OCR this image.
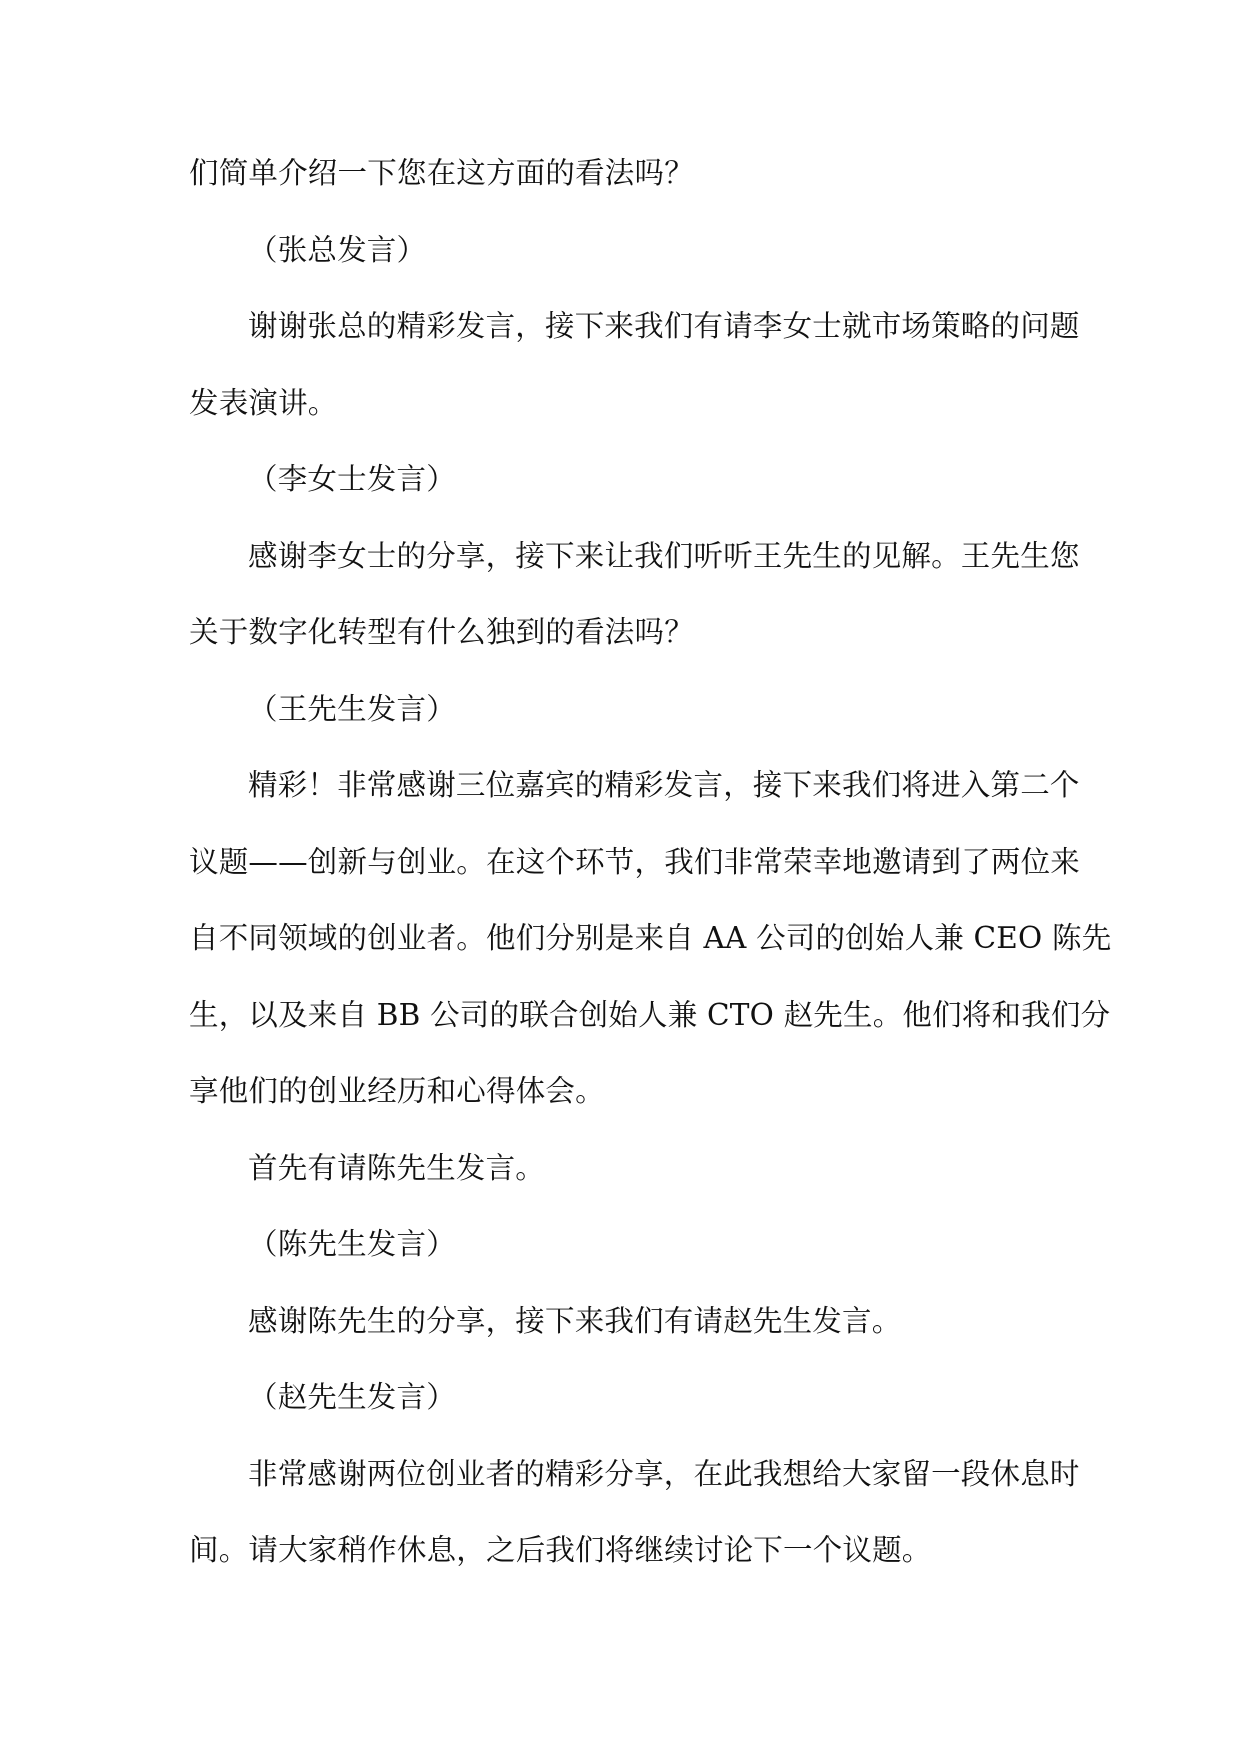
们简单介绍一下您在这方面的看法吗？

（张总发言）

谢谢张总的精彩发言，接下来我们有请李女士就市场策略的问题
发表演讲。

（李女士发言）

感谢李女士的分享，接下来让我们听听王先生的见解。王先生您
关于数字化转型有什么独到的看法吗？

（王先生发言）

精彩！非常感谢三位嘉宾的精彩发言，接下来我们将进入第二个
议题——创新与创业。在这个环节，我们非常荣幸地邀请到了两位来
自不同领域的创业者。他们分别是来自 AA 公司的创始人兼 CEO 陈先
生，以及来自 BB 公司的联合创始人兼 CTO 赵先生。他们将和我们分
享他们的创业经历和心得体会。

首先有请陈先生发言。

（陈先生发言）

感谢陈先生的分享，接下来我们有请赵先生发言。

（赵先生发言）

非常感谢两位创业者的精彩分享，在此我想给大家留一段休息时
间。请大家稍作休息，之后我们将继续讨论下一个议题。
